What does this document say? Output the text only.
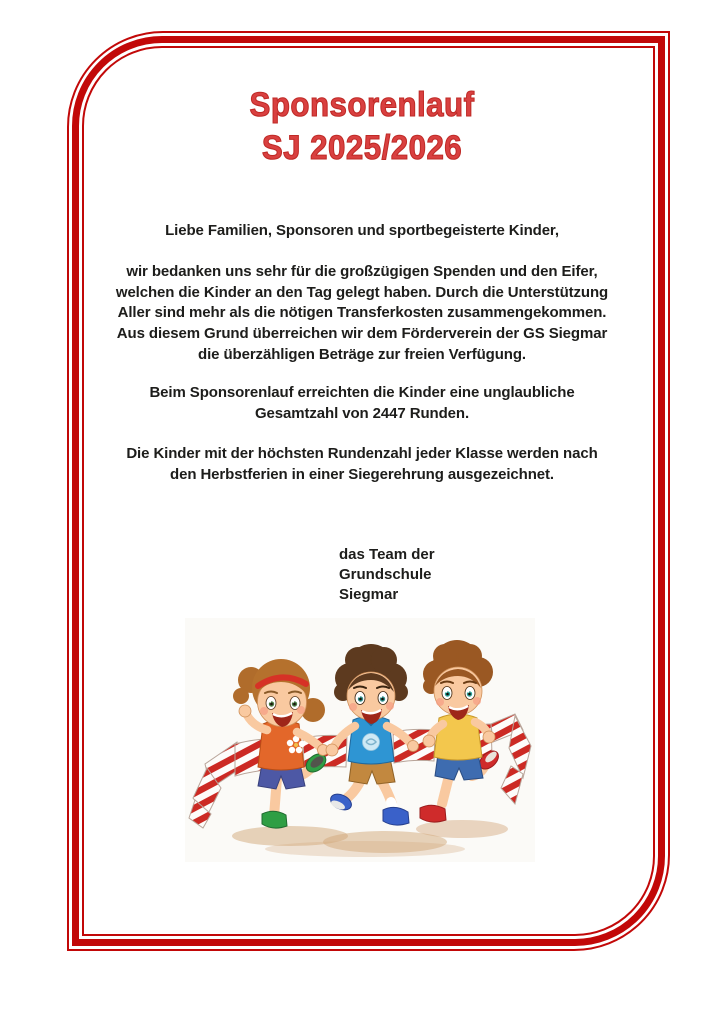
Sponsorenlauf
SJ 2025/2026
Liebe Familien, Sponsoren und sportbegeisterte Kinder,
wir bedanken uns sehr für die großzügigen Spenden und den Eifer,
welchen die Kinder an den Tag gelegt haben. Durch die Unterstützung
Aller sind mehr als die nötigen Transferkosten zusammengekommen.
Aus diesem Grund überreichen wir dem Förderverein der GS Siegmar
die überzähligen Beträge zur freien Verfügung.
Beim Sponsorenlauf erreichten die Kinder eine unglaubliche
Gesamtzahl von 2447 Runden.
Die Kinder mit der höchsten Rundenzahl jeder Klasse werden nach
den Herbstferien in einer Siegerehrung ausgezeichnet.
das Team der
Grundschule
Siegmar
